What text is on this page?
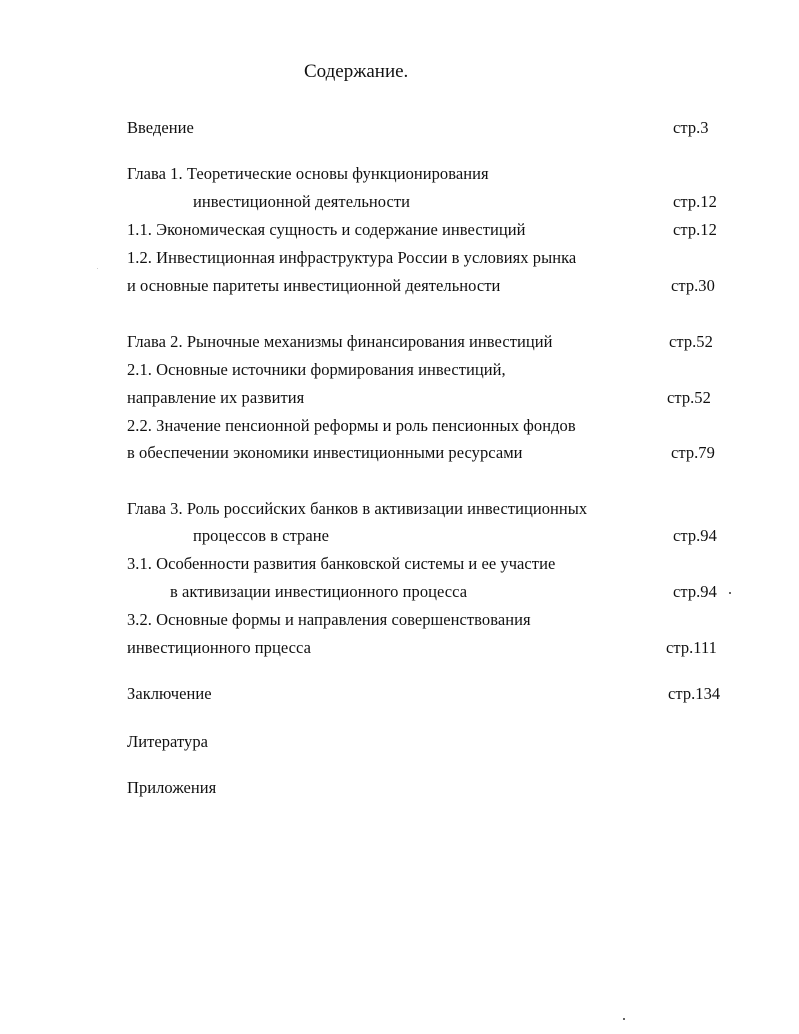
Содержание.
Введение	стр.3
Глава 1. Теоретические основы функционирования
инвестиционной деятельности	стр.12
1.1. Экономическая сущность и содержание инвестиций	стр.12
1.2. Инвестиционная инфраструктура России в условиях рынка
и основные паритеты инвестиционной деятельности	стр.30
Глава 2. Рыночные механизмы финансирования инвестиций	стр.52
2.1. Основные источники формирования инвестиций,
направление их развития	стр.52
2.2. Значение пенсионной реформы и роль пенсионных фондов
в обеспечении экономики инвестиционными ресурсами	стр.79
Глава 3. Роль российских банков в активизации инвестиционных
процессов в стране	стр.94
3.1. Особенности развития банковской системы и ее участие
в активизации инвестиционного процесса	стр.94
3.2. Основные формы и направления совершенствования
инвестиционного прцесса	стр.111
Заключение	стр.134
Литература
Приложения
